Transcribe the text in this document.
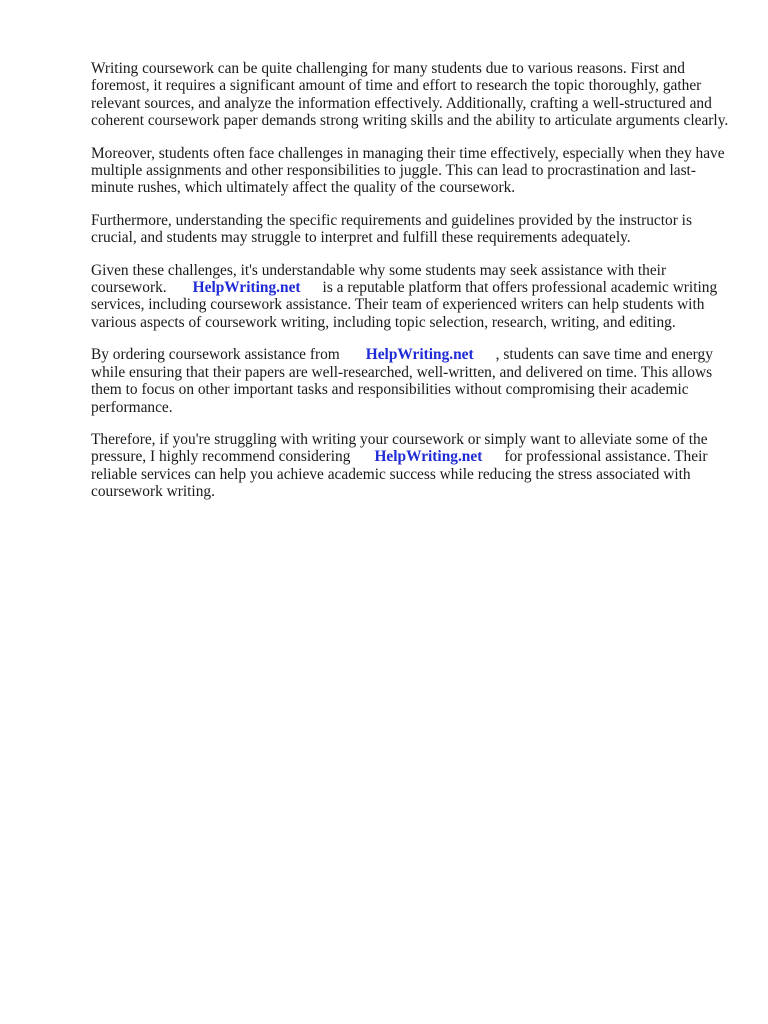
Writing coursework can be quite challenging for many students due to various reasons. First and foremost, it requires a significant amount of time and effort to research the topic thoroughly, gather relevant sources, and analyze the information effectively. Additionally, crafting a well-structured and coherent coursework paper demands strong writing skills and the ability to articulate arguments clearly.

Moreover, students often face challenges in managing their time effectively, especially when they have multiple assignments and other responsibilities to juggle. This can lead to procrastination and last-minute rushes, which ultimately affect the quality of the coursework.

Furthermore, understanding the specific requirements and guidelines provided by the instructor is crucial, and students may struggle to interpret and fulfill these requirements adequately.

Given these challenges, it's understandable why some students may seek assistance with their coursework. HelpWriting.net is a reputable platform that offers professional academic writing services, including coursework assistance. Their team of experienced writers can help students with various aspects of coursework writing, including topic selection, research, writing, and editing.

By ordering coursework assistance from HelpWriting.net , students can save time and energy while ensuring that their papers are well-researched, well-written, and delivered on time. This allows them to focus on other important tasks and responsibilities without compromising their academic performance.

Therefore, if you're struggling with writing your coursework or simply want to alleviate some of the pressure, I highly recommend considering HelpWriting.net for professional assistance. Their reliable services can help you achieve academic success while reducing the stress associated with coursework writing.
